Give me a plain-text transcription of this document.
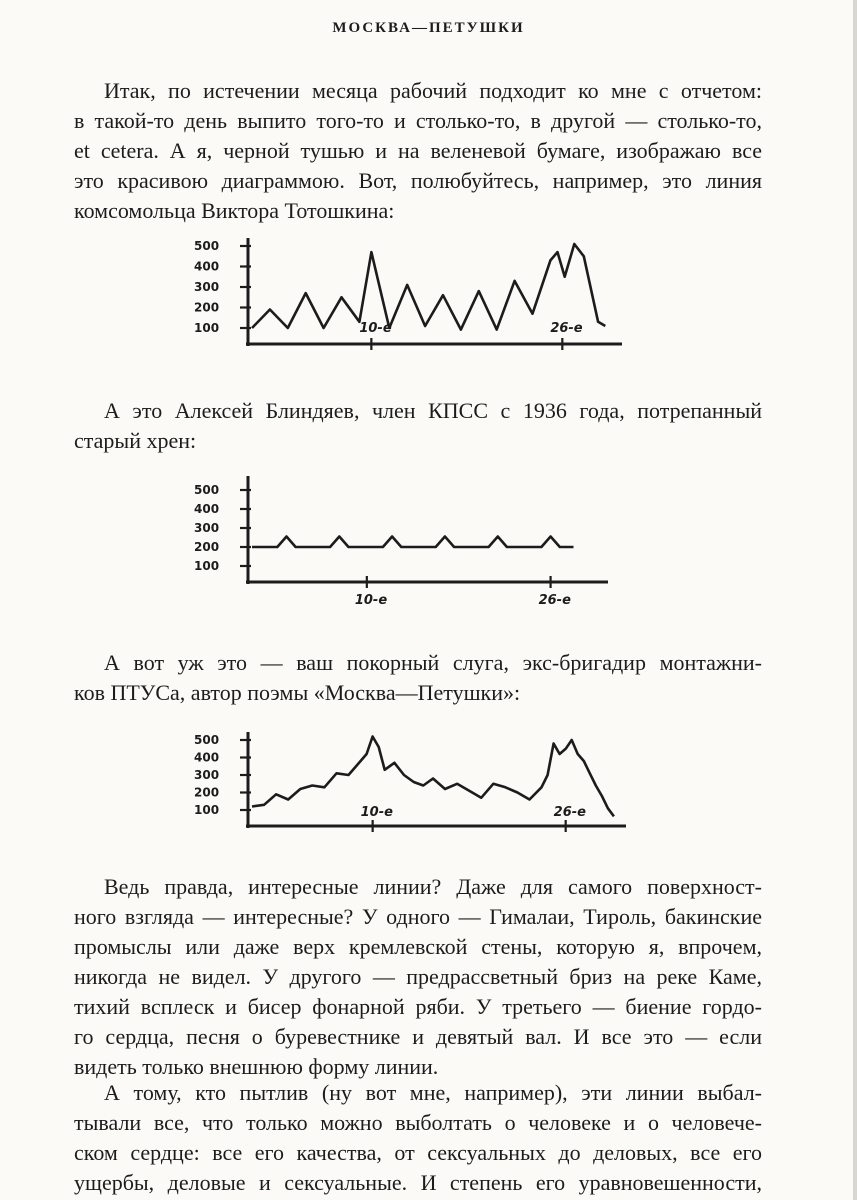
МОСКВА—ПЕТУШКИ
Итак, по истечении месяца рабочий подходит ко мне с отчетом:
в такой-то день выпито того-то и столько-то, в другой — столько-то,
et cetera. А я, черной тушью и на веленевой бумаге, изображаю все
это красивою диаграммою. Вот, полюбуйтесь, например, это линия
комсомольца Виктора Тотошкина:
500
400
300
200
100	10-е	26-е
А это Алексей Блиндяев, член КПСС с 1936 года, потрепанный
старый хрен:
500
400
300
200
100
10-е	26-е
А вот уж это — ваш покорный слуга, экс-бригадир монтажни-
ков ПТУСа, автор поэмы «Москва—Петушки»:
500
400
300
200
100	10-е	26-е
Ведь правда, интересные линии? Даже для самого поверхност-
ного взгляда — интересные? У одного — Гималаи, Тироль, бакинские
промыслы или даже верх кремлевской стены, которую я, впрочем,
никогда не видел. У другого — предрассветный бриз на реке Каме,
тихий всплеск и бисер фонарной ряби. У третьего — биение гордо-
го сердца, песня о буревестнике и девятый вал. И все это — если
видеть только внешнюю форму линии.
А тому, кто пытлив (ну вот мне, например), эти линии выбал-
тывали все, что только можно выболтать о человеке и о человече-
ском сердце: все его качества, от сексуальных до деловых, все его
ущербы, деловые и сексуальные. И степень его уравновешенности,
